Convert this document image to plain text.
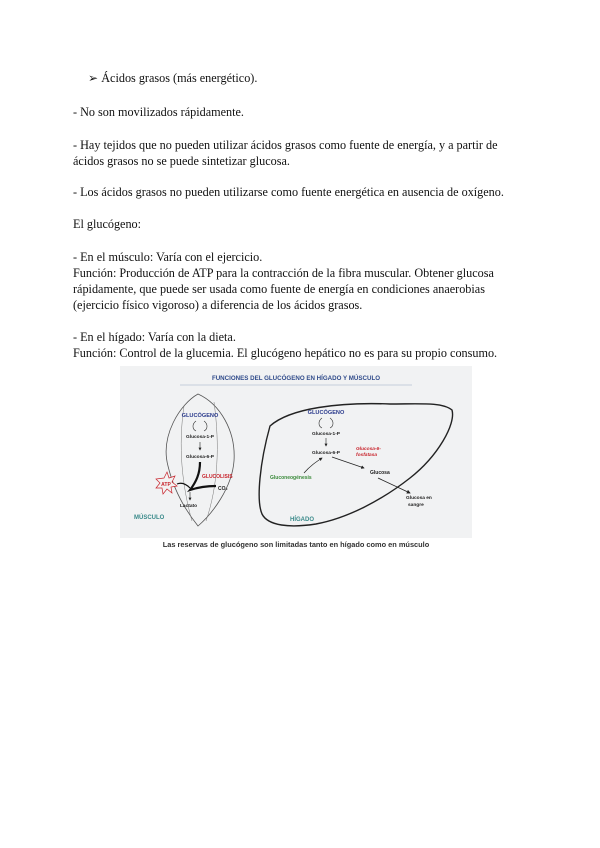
➢ Ácidos grasos (más energético).
- No son movilizados rápidamente.
- Hay tejidos que no pueden utilizar ácidos grasos como fuente de energía, y a partir de
ácidos grasos no se puede sintetizar glucosa.
- Los ácidos grasos no pueden utilizarse como fuente energética en ausencia de oxígeno.
El glucógeno:
- En el músculo: Varía con el ejercicio.
Función: Producción de ATP para la contracción de la fibra muscular. Obtener glucosa
rápidamente, que puede ser usada como fuente de energía en condiciones anaerobias
(ejercicio físico vigoroso) a diferencia de los ácidos grasos.
- En el hígado: Varía con la dieta.
Función: Control de la glucemia. El glucógeno hepático no es para su propio consumo.
FUNCIONES DEL GLUCÓGENO EN HÍGADO Y MÚSCULO
GLUCÓGENO
Glucosa-1-P
Glucosa-6-P
ATP
GLUCOLISIS
CO₂
Lactato
MÚSCULO
GLUCÓGENO
Glucosa-1-P
Glucosa-6-P
Glucosa-6-
fosfatasa
Gluconeogénesis
Glucosa
Glucosa en
sangre
HÍGADO
Las reservas de glucógeno son limitadas tanto en hígado como en músculo
